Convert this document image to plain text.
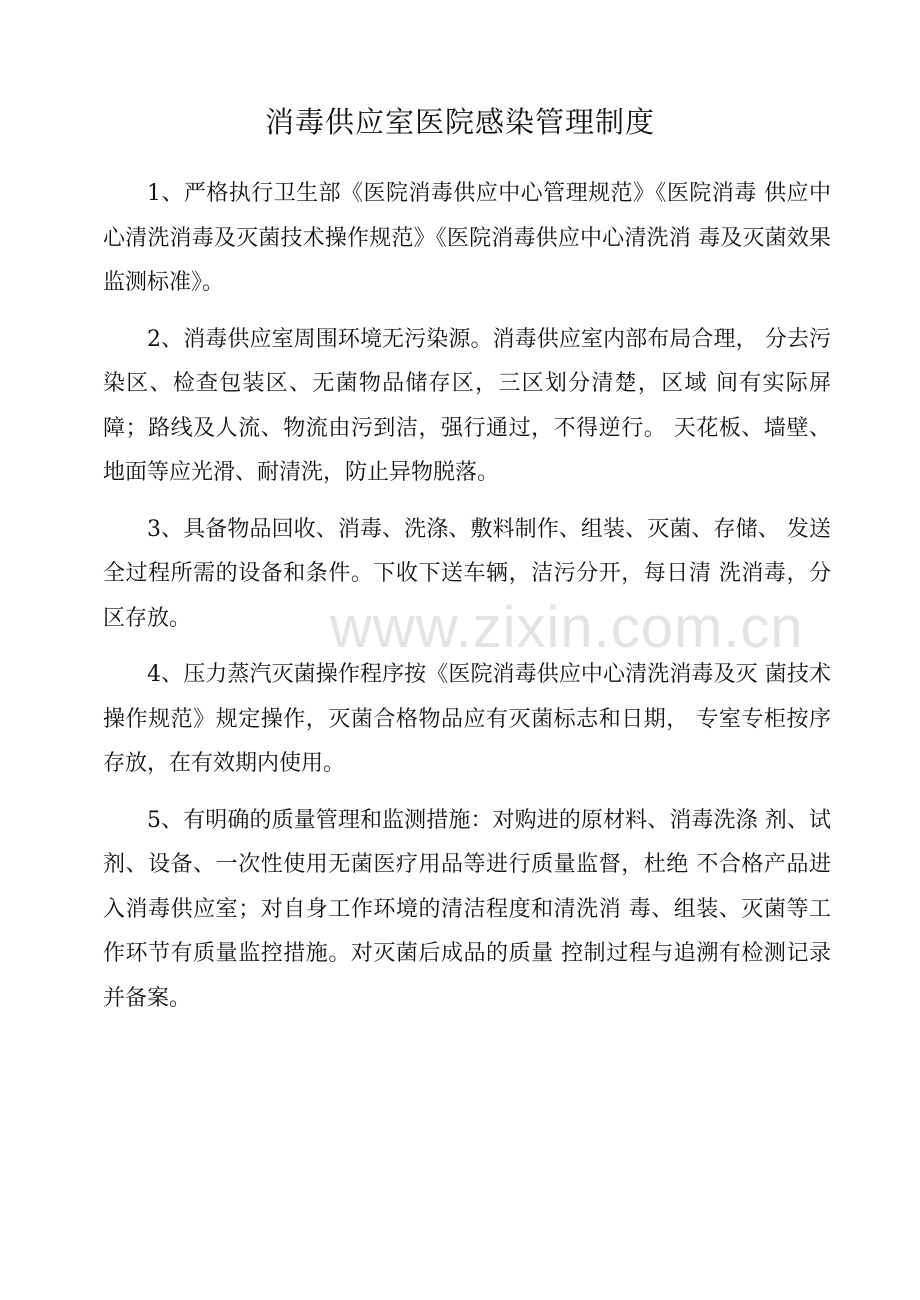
www.zixin.com.cn
消毒供应室医院感染管理制度

1、严格执行卫生部《医院消毒供应中心管理规范》《医院消毒 供应中心清洗消毒及灭菌技术操作规范》《医院消毒供应中心清洗消 毒及灭菌效果监测标准》。

2、消毒供应室周围环境无污染源。消毒供应室内部布局合理， 分去污染区、检查包装区、无菌物品储存区，三区划分清楚，区域 间有实际屏障；路线及人流、物流由污到洁，强行通过，不得逆行。 天花板、墙壁、地面等应光滑、耐清洗，防止异物脱落。

3、具备物品回收、消毒、洗涤、敷料制作、组装、灭菌、存储、 发送全过程所需的设备和条件。下收下送车辆，洁污分开，每日清 洗消毒，分区存放。

4、压力蒸汽灭菌操作程序按《医院消毒供应中心清洗消毒及灭 菌技术操作规范》规定操作，灭菌合格物品应有灭菌标志和日期， 专室专柜按序存放，在有效期内使用。

5、有明确的质量管理和监测措施：对购进的原材料、消毒洗涤 剂、试剂、设备、一次性使用无菌医疗用品等进行质量监督，杜绝 不合格产品进入消毒供应室；对自身工作环境的清洁程度和清洗消 毒、组装、灭菌等工作环节有质量监控措施。对灭菌后成品的质量 控制过程与追溯有检测记录并备案。
